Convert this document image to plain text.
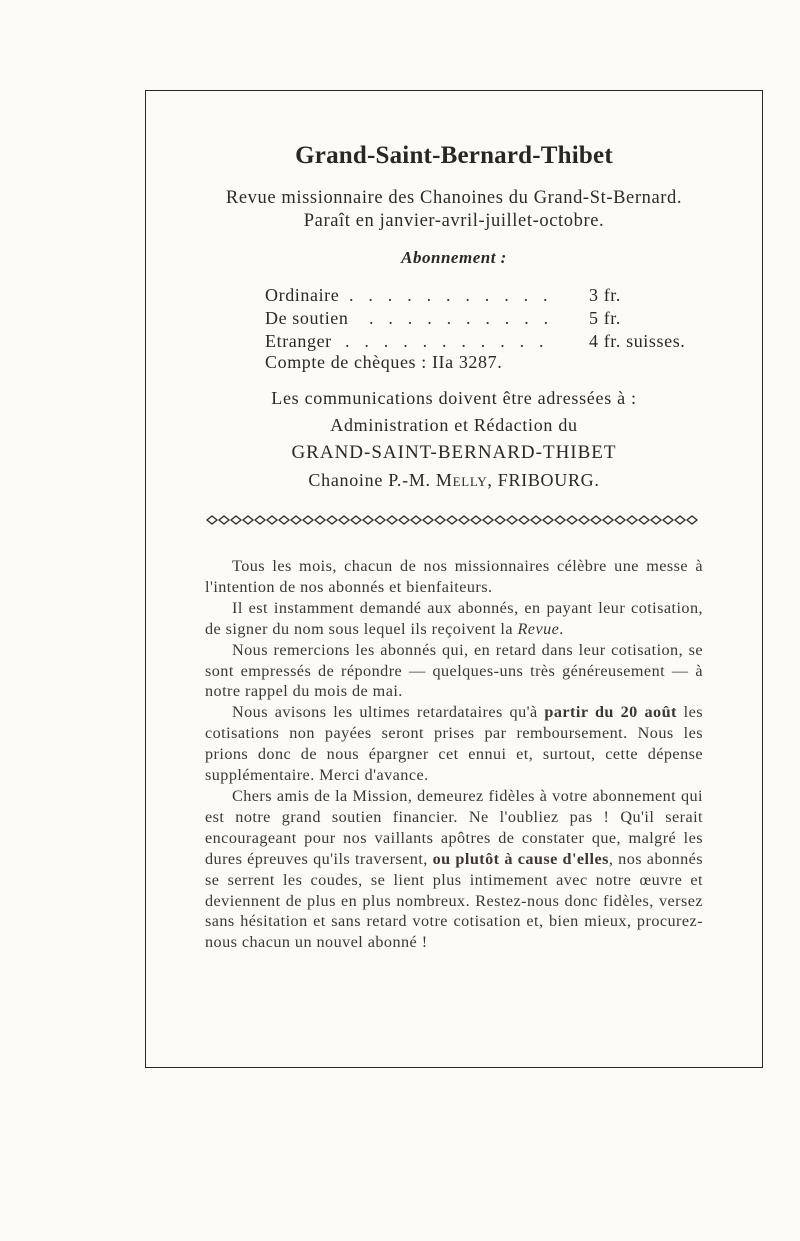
Grand-Saint-Bernard-Thibet
Revue missionnaire des Chanoines du Grand-St-Bernard.
Paraît en janvier-avril-juillet-octobre.
Abonnement :
Ordinaire . . . . . . . . . . . 3 fr.
De soutien . . . . . . . . . . 5 fr.
Etranger . . . . . . . . . . . 4 fr. suisses.
Compte de chèques : IIa 3287.
Les communications doivent être adressées à :
Administration et Rédaction du
GRAND-SAINT-BERNARD-THIBET
Chanoine P.-M. Melly, FRIBOURG.

Tous les mois, chacun de nos missionnaires célèbre une messe à l'intention de nos abonnés et bienfaiteurs.

Il est instamment demandé aux abonnés, en payant leur cotisation, de signer du nom sous lequel ils reçoivent la Revue.

Nous remercions les abonnés qui, en retard dans leur cotisation, se sont empressés de répondre — quelques-uns très généreusement — à notre rappel du mois de mai.

Nous avisons les ultimes retardataires qu'à partir du 20 août les cotisations non payées seront prises par remboursement. Nous les prions donc de nous épargner cet ennui et, surtout, cette dépense supplémentaire. Merci d'avance.

Chers amis de la Mission, demeurez fidèles à votre abonnement qui est notre grand soutien financier. Ne l'oubliez pas ! Qu'il serait encourageant pour nos vaillants apôtres de constater que, malgré les dures épreuves qu'ils traversent, ou plutôt à cause d'elles, nos abonnés se serrent les coudes, se lient plus intimement avec notre œuvre et deviennent de plus en plus nombreux. Restez-nous donc fidèles, versez sans hésitation et sans retard votre cotisation et, bien mieux, procurez-nous chacun un nouvel abonné !
